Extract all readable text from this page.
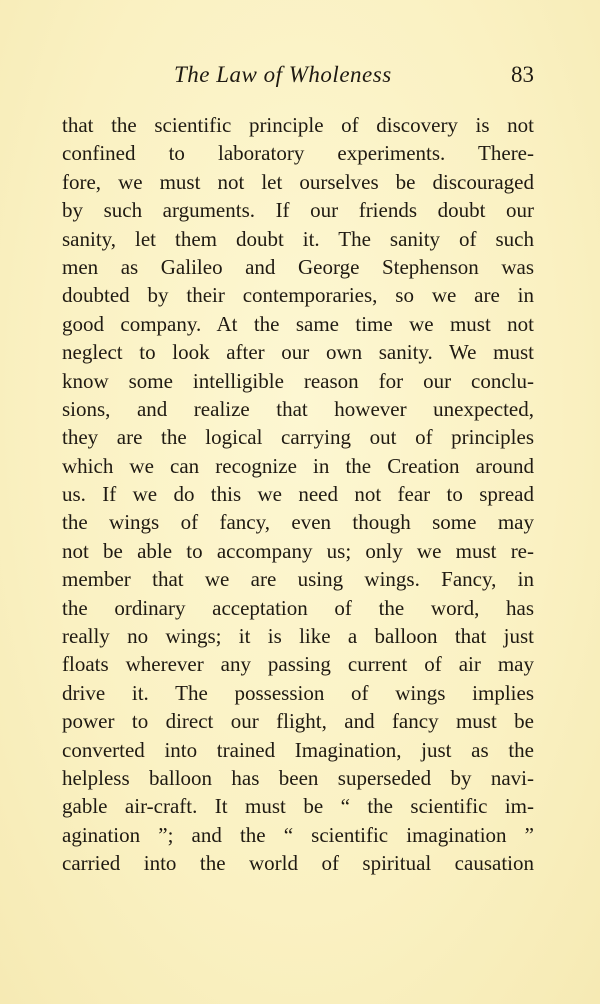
The Law of Wholeness	83
that the scientific principle of discovery is not
confined to laboratory experiments. There-
fore, we must not let ourselves be discouraged
by such arguments. If our friends doubt our
sanity, let them doubt it. The sanity of such
men as Galileo and George Stephenson was
doubted by their contemporaries, so we are in
good company. At the same time we must not
neglect to look after our own sanity. We must
know some intelligible reason for our conclu-
sions, and realize that however unexpected,
they are the logical carrying out of principles
which we can recognize in the Creation around
us. If we do this we need not fear to spread
the wings of fancy, even though some may
not be able to accompany us; only we must re-
member that we are using wings. Fancy, in
the ordinary acceptation of the word, has
really no wings; it is like a balloon that just
floats wherever any passing current of air may
drive it. The possession of wings implies
power to direct our flight, and fancy must be
converted into trained Imagination, just as the
helpless balloon has been superseded by navi-
gable air-craft. It must be “ the scientific im-
agination ”; and the “ scientific imagination ”
carried into the world of spiritual causation
